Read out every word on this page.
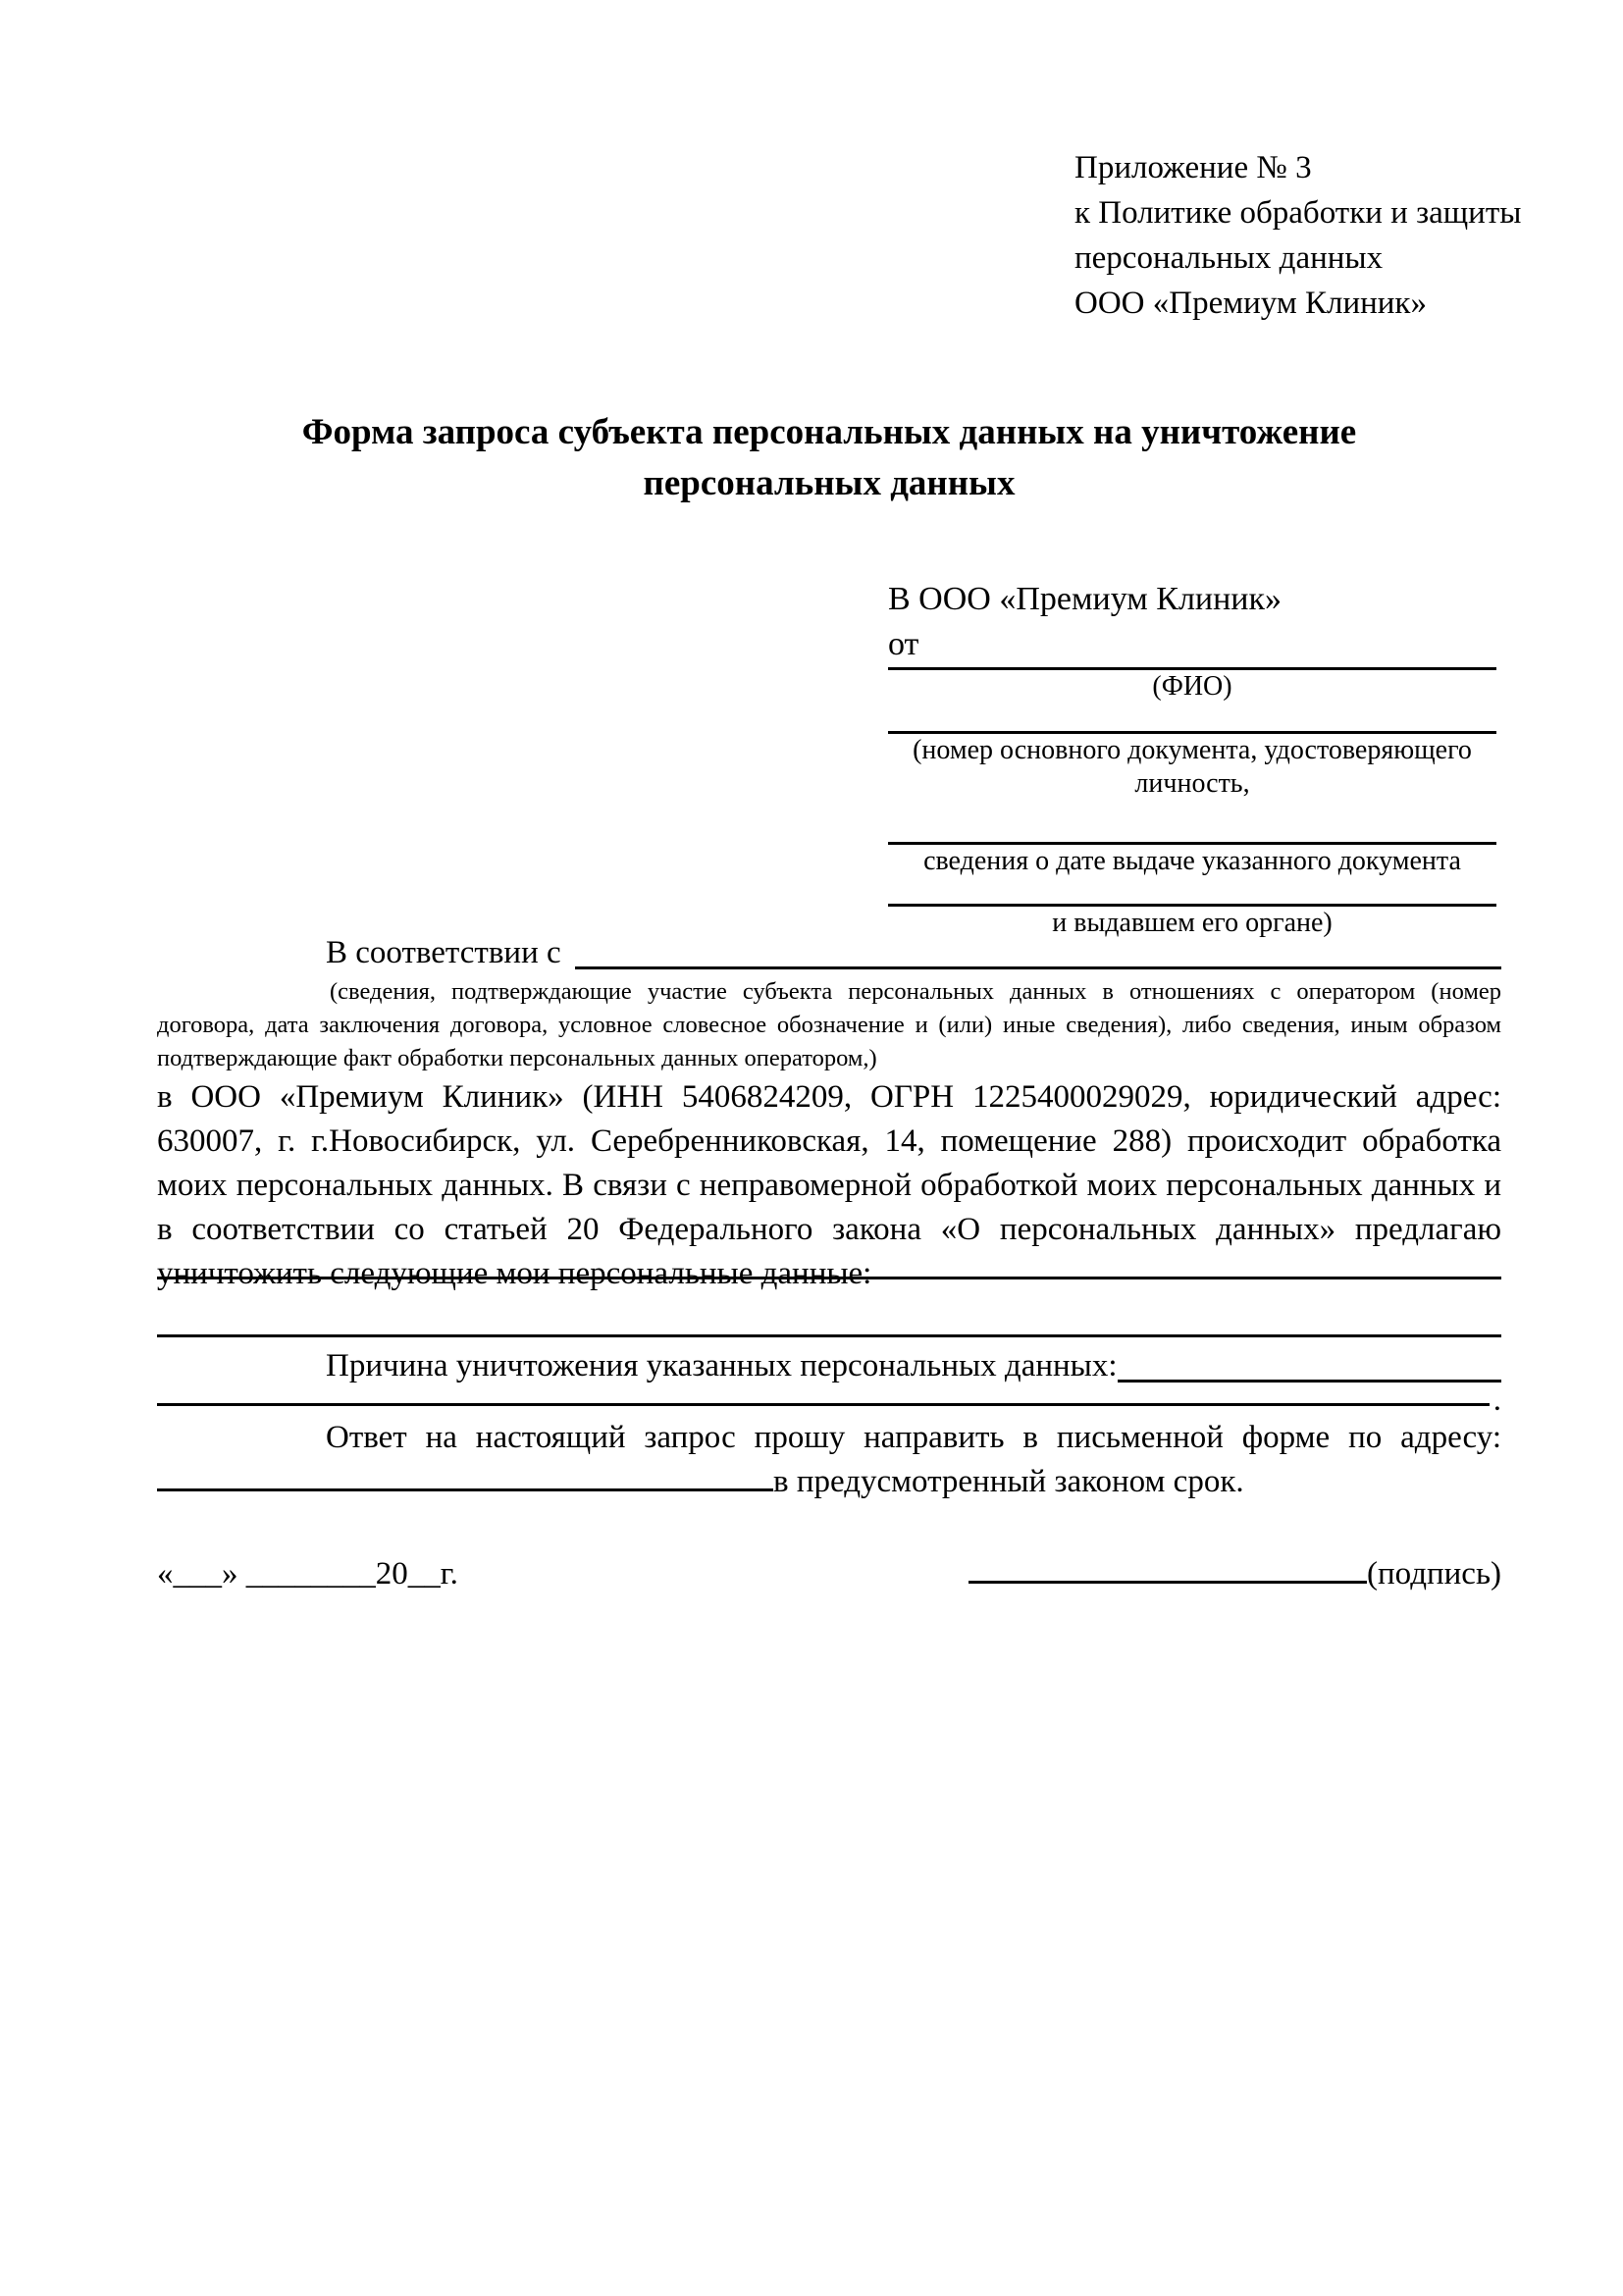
Приложение № 3
к Политике обработки и защиты
персональных данных
ООО «Премиум Клиник»
Форма запроса субъекта персональных данных на уничтожение персональных данных
В ООО «Премиум Клиник»
от
(ФИО)
(номер основного документа, удостоверяющего личность,
сведения о дате выдаче указанного документа
и выдавшем его органе)
В соответствии с

(сведения, подтверждающие участие субъекта персональных данных в отношениях с оператором (номер договора, дата заключения договора, условное словесное обозначение и (или) иные сведения), либо сведения, иным образом подтверждающие факт обработки персональных данных оператором,)

в ООО «Премиум Клиник» (ИНН 5406824209, ОГРН 1225400029029, юридический адрес: 630007, г. г.Новосибирск, ул. Серебренниковская, 14, помещение 288) происходит обработка моих персональных данных. В связи с неправомерной обработкой моих персональных данных и в соответствии со статьей 20 Федерального закона «О персональных данных» предлагаю уничтожить следующие мои персональные данные:

Причина уничтожения указанных персональных данных:
.

Ответ на настоящий запрос прошу направить в письменной форме по адресу: в предусмотренный законом срок.

«___» ________20__г.	(подпись)
